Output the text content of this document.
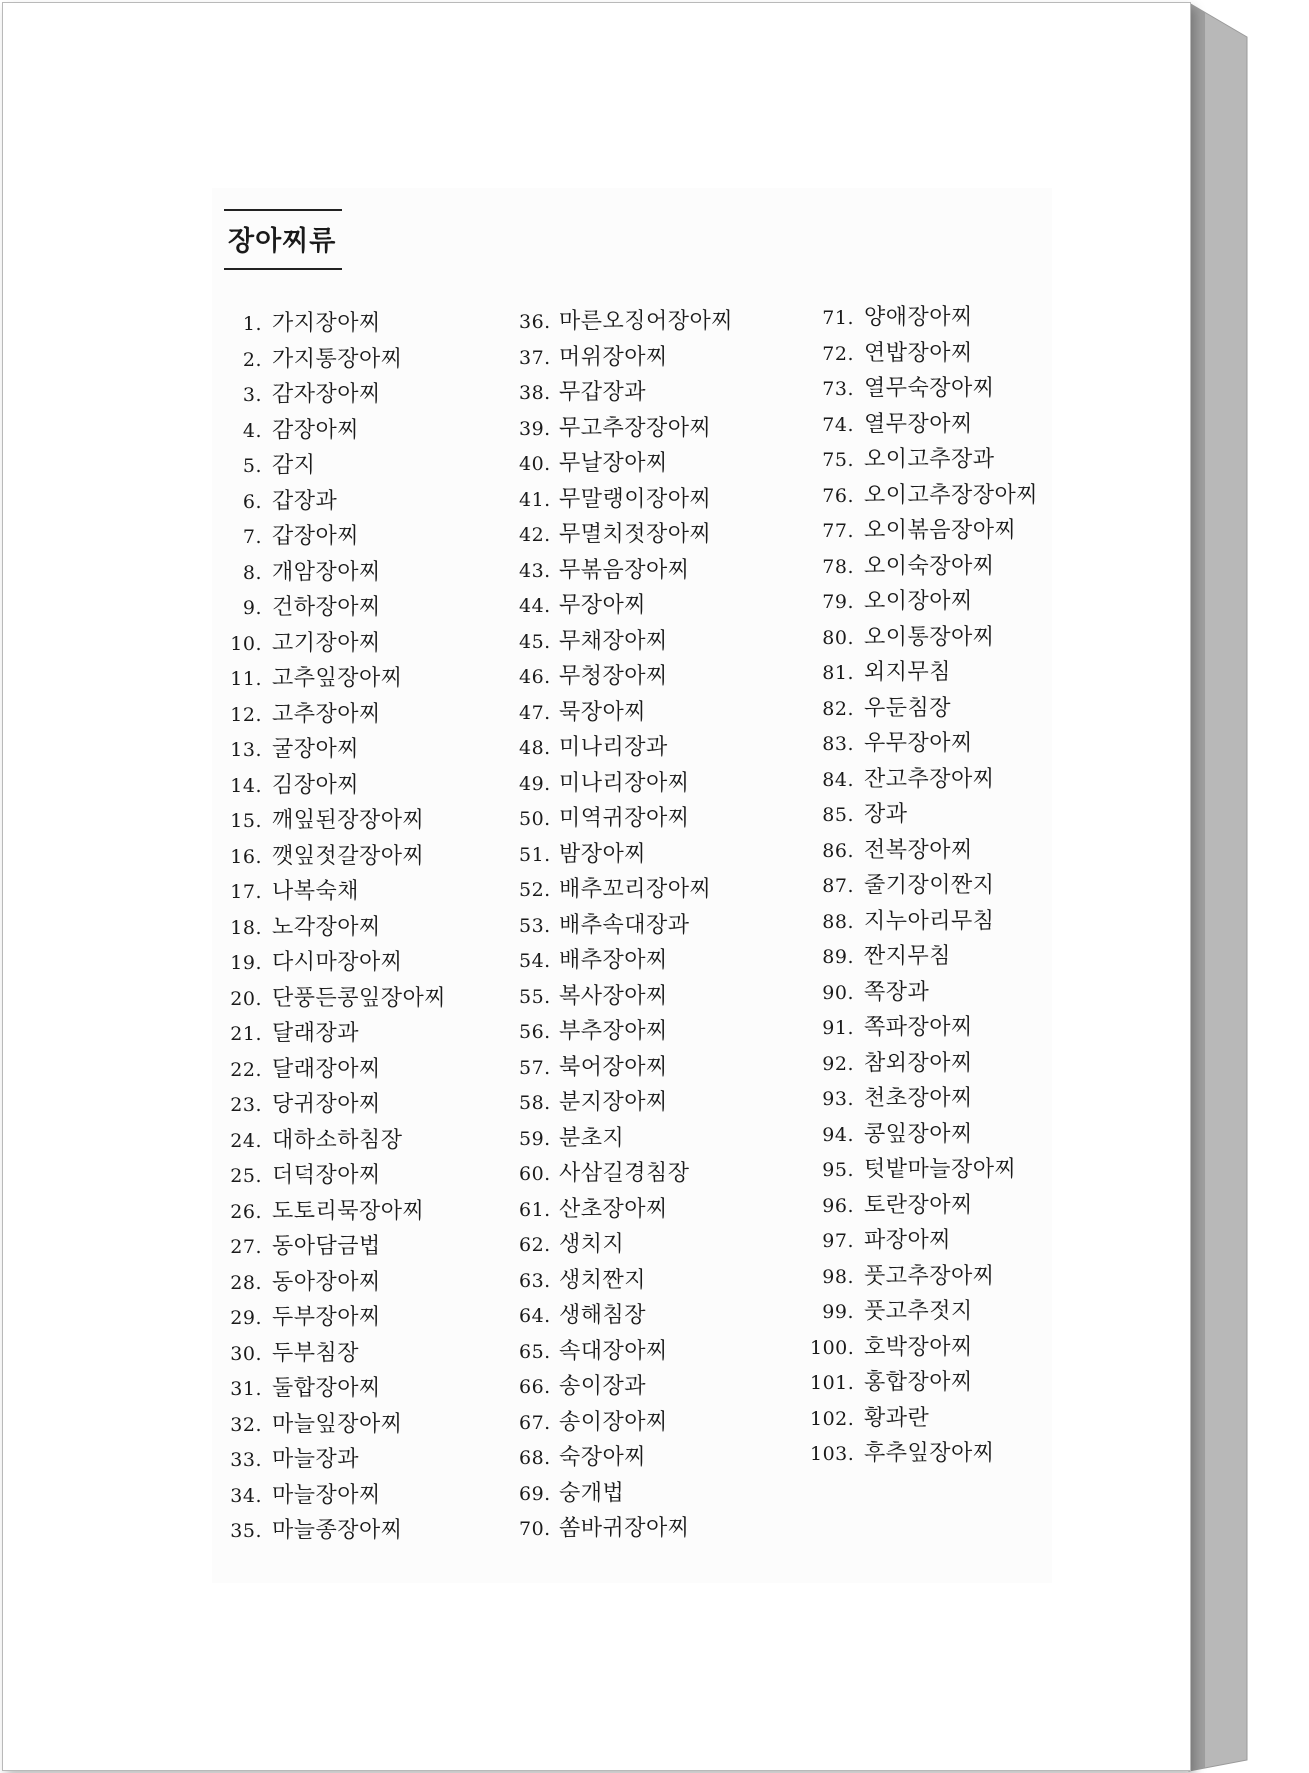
장아찌류
1. 가지장아찌
2. 가지통장아찌
3. 감자장아찌
4. 감장아찌
5. 감지
6. 갑장과
7. 갑장아찌
8. 개암장아찌
9. 건하장아찌
10. 고기장아찌
11. 고추잎장아찌
12. 고추장아찌
13. 굴장아찌
14. 김장아찌
15. 깨잎된장장아찌
16. 깻잎젓갈장아찌
17. 나복숙채
18. 노각장아찌
19. 다시마장아찌
20. 단풍든콩잎장아찌
21. 달래장과
22. 달래장아찌
23. 당귀장아찌
24. 대하소하침장
25. 더덕장아찌
26. 도토리묵장아찌
27. 동아담금법
28. 동아장아찌
29. 두부장아찌
30. 두부침장
31. 둘합장아찌
32. 마늘잎장아찌
33. 마늘장과
34. 마늘장아찌
35. 마늘종장아찌
36. 마른오징어장아찌
37. 머위장아찌
38. 무갑장과
39. 무고추장장아찌
40. 무날장아찌
41. 무말랭이장아찌
42. 무멸치젓장아찌
43. 무볶음장아찌
44. 무장아찌
45. 무채장아찌
46. 무청장아찌
47. 묵장아찌
48. 미나리장과
49. 미나리장아찌
50. 미역귀장아찌
51. 밤장아찌
52. 배추꼬리장아찌
53. 배추속대장과
54. 배추장아찌
55. 복사장아찌
56. 부추장아찌
57. 북어장아찌
58. 분지장아찌
59. 분초지
60. 사삼길경침장
61. 산초장아찌
62. 생치지
63. 생치짠지
64. 생해침장
65. 속대장아찌
66. 송이장과
67. 송이장아찌
68. 숙장아찌
69. 숭개법
70. 쏨바귀장아찌
71. 양애장아찌
72. 연밥장아찌
73. 열무숙장아찌
74. 열무장아찌
75. 오이고추장과
76. 오이고추장장아찌
77. 오이볶음장아찌
78. 오이숙장아찌
79. 오이장아찌
80. 오이통장아찌
81. 외지무침
82. 우둔침장
83. 우무장아찌
84. 잔고추장아찌
85. 장과
86. 전복장아찌
87. 줄기장이짠지
88. 지누아리무침
89. 짠지무침
90. 쪽장과
91. 쪽파장아찌
92. 참외장아찌
93. 천초장아찌
94. 콩잎장아찌
95. 텃밭마늘장아찌
96. 토란장아찌
97. 파장아찌
98. 풋고추장아찌
99. 풋고추젓지
100. 호박장아찌
101. 홍합장아찌
102. 황과란
103. 후추잎장아찌
